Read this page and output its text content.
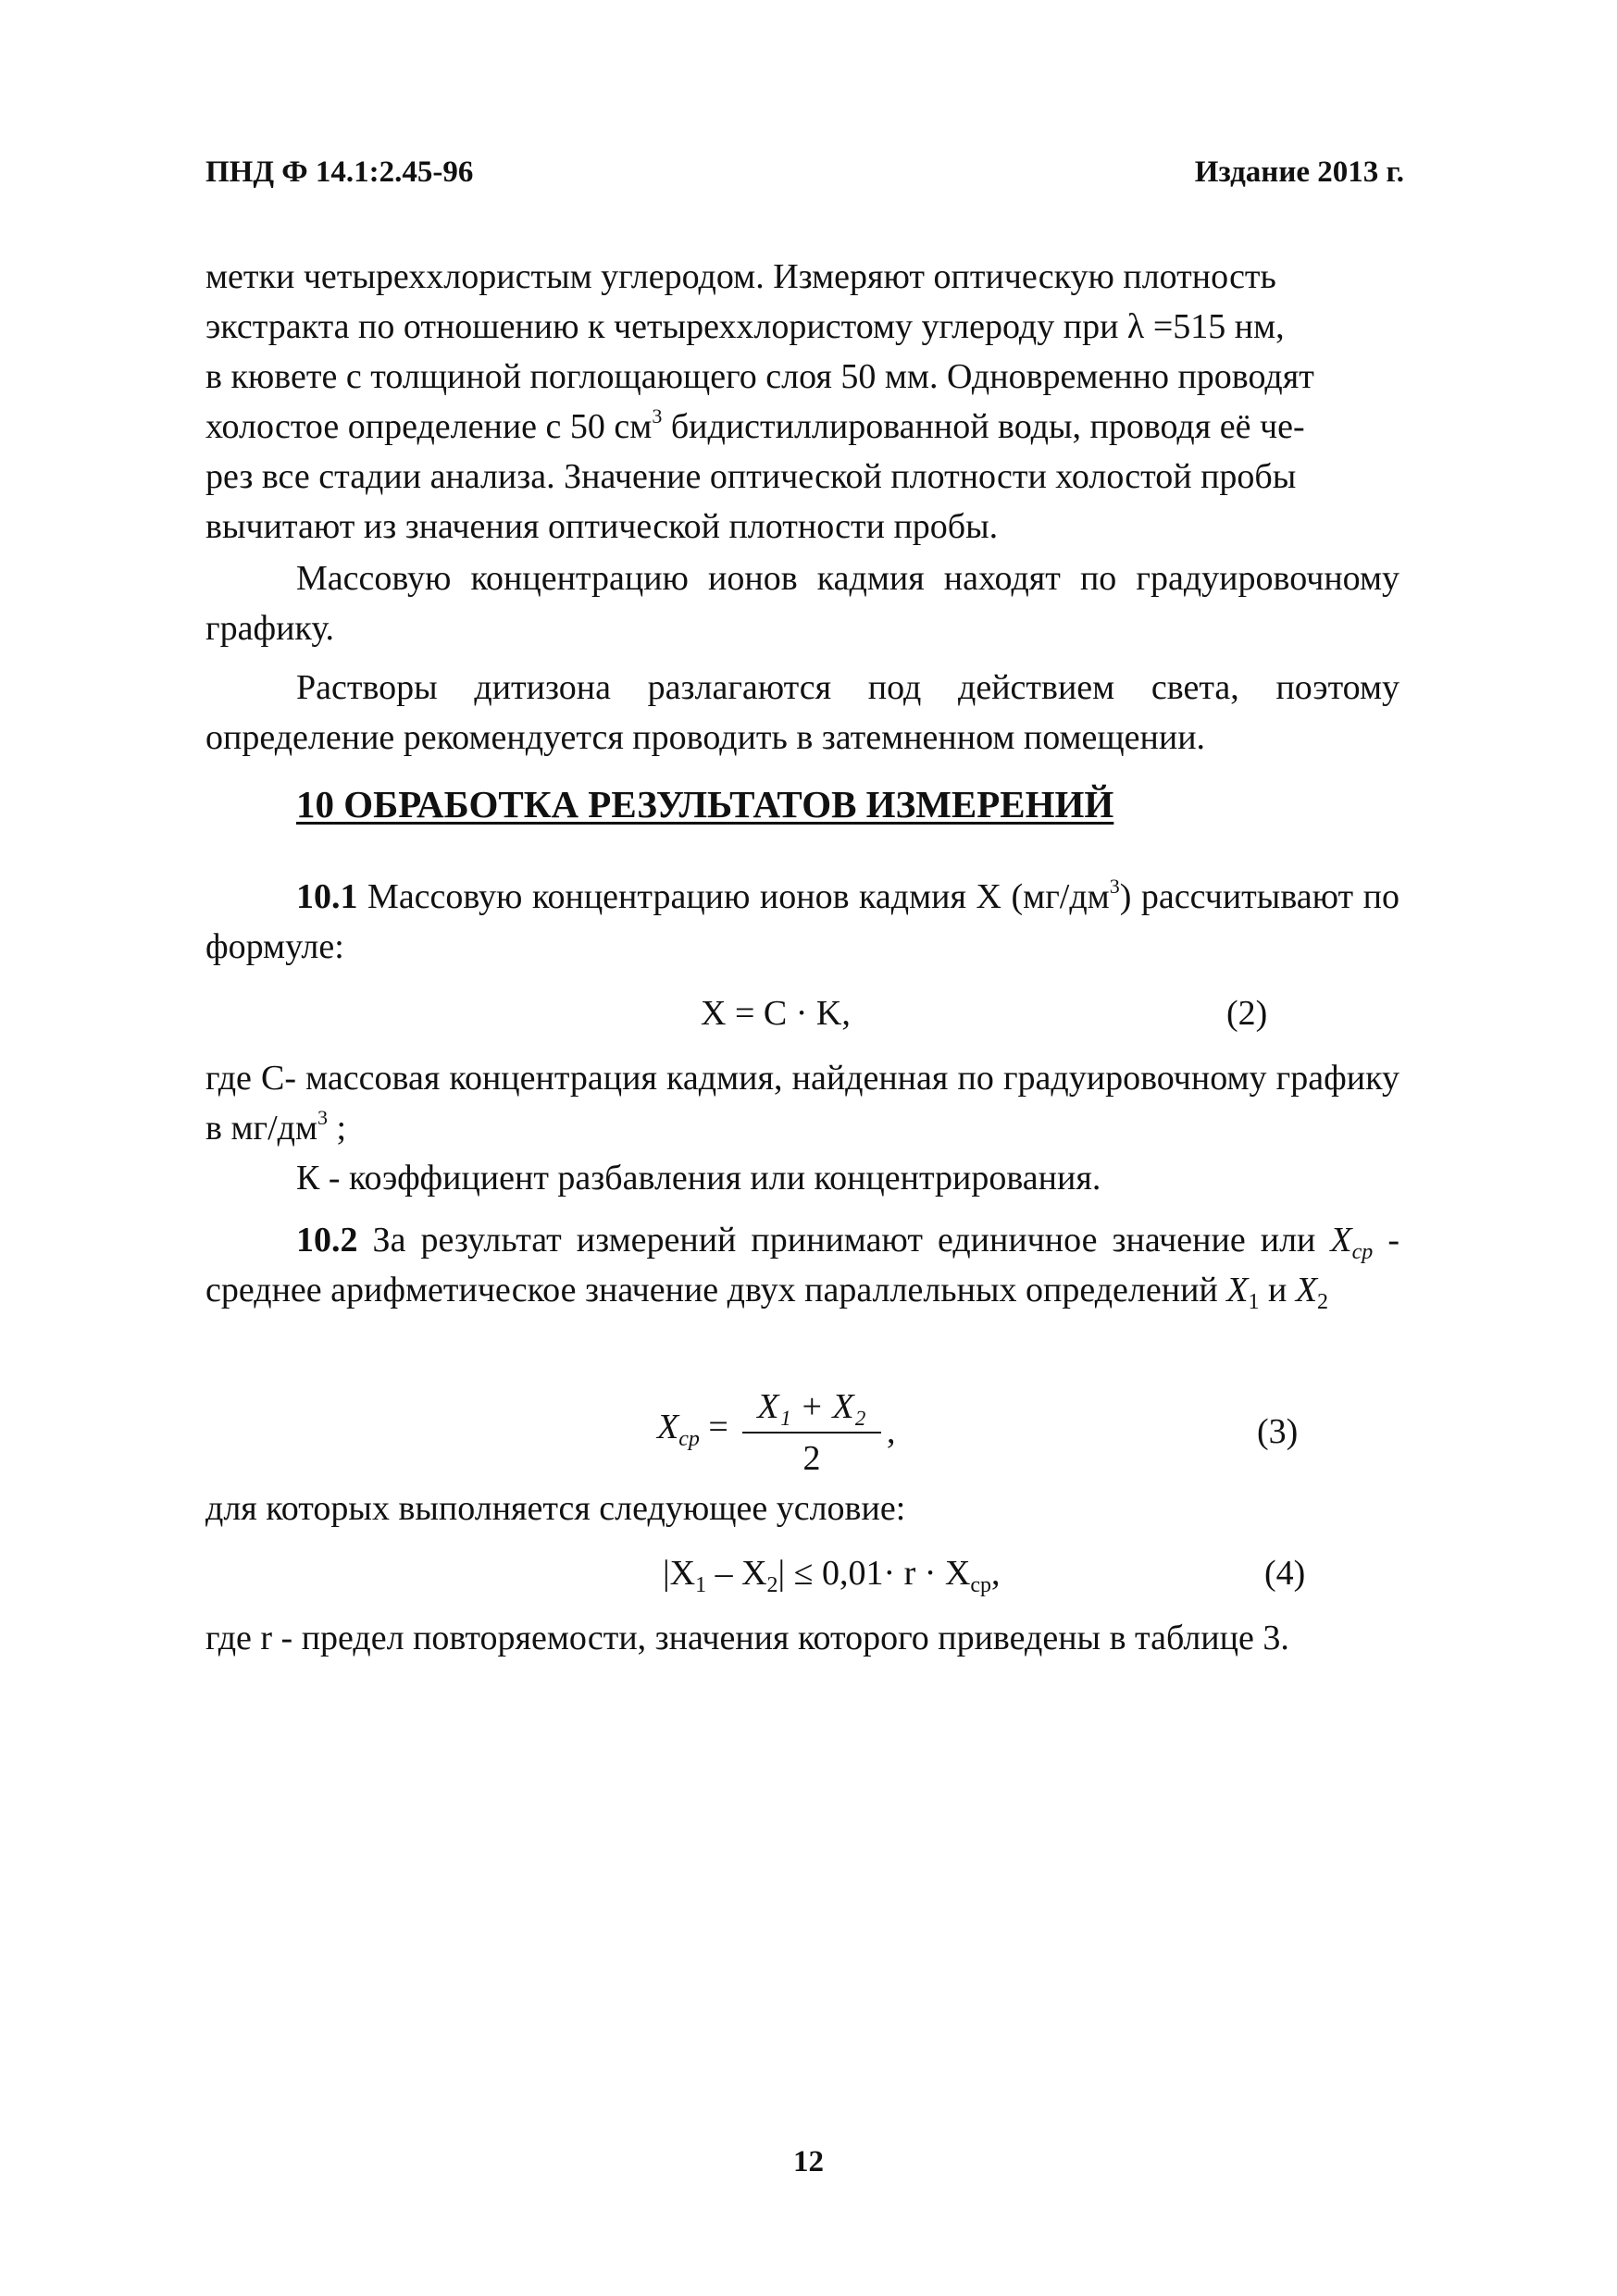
ПНД Ф 14.1:2.45-96	Издание 2013 г.
метки четыреххлористым углеродом. Измеряют оптическую плотность
экстракта по отношению к четыреххлористому углероду при λ =515 нм,
в кювете с толщиной поглощающего слоя 50 мм. Одновременно проводят
холостое определение с 50 $см^3$ бидистиллированной воды, проводя её че-
рез все стадии анализа. Значение оптической плотности холостой пробы
вычитают из значения оптической плотности пробы.
Массовую концентрацию ионов кадмия находят по градуировочному графику.
Растворы дитизона разлагаются под действием света, поэтому определение рекомендуется проводить в затемненном помещении.
10 ОБРАБОТКА РЕЗУЛЬТАТОВ ИЗМЕРЕНИЙ
10.1 Массовую концентрацию ионов кадмия X $(мг/дм^3)$ рассчитывают по формуле:
X = C · K,	(2)
где С- массовая концентрация кадмия, найденная по градуировочному графику в $мг/дм^3$ ;
К - коэффициент разбавления или концентрирования.
10.2 За результат измерений принимают единичное значение или $X_{cp}$ - среднее арифметическое значение двух параллельных определений $X_1$ и $X_2$
$X_{cp}$ =
X₁ + X₂
2
,	(3)
для которых выполняется следующее условие:
$|X_1 - X_2| \le 0,01\cdot r \cdot X_{cp}$,	(4)
где r - предел повторяемости, значения которого приведены в таблице 3.
12
